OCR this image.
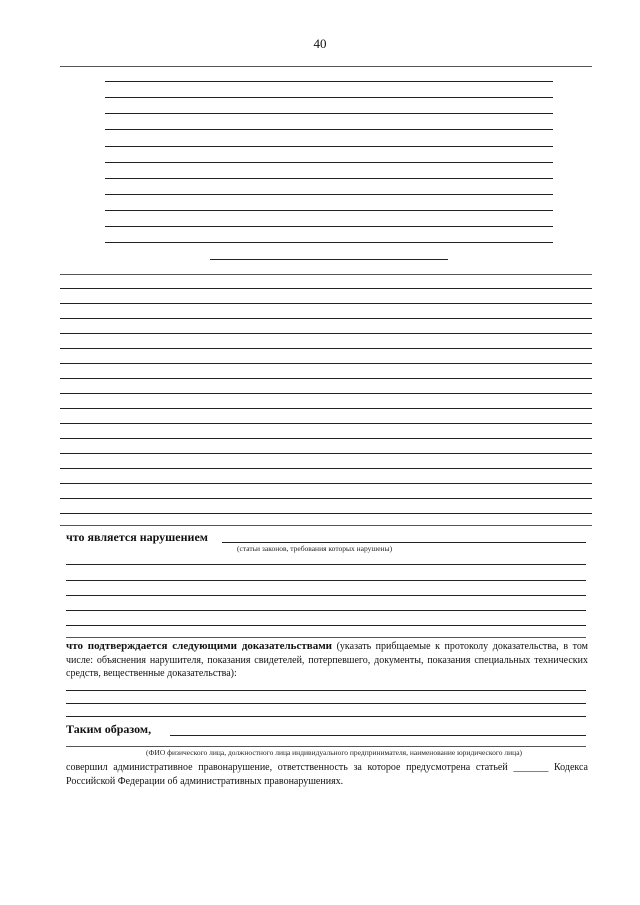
40
что является нарушением
(статьи законов, требования которых нарушены)
что подтверждается следующими доказательствами (указать прибщаемые к протоколу доказательства, в том числе: объяснения нарушителя, показания свидетелей, потерпевшего, документы, показания специальных технических средств, вещественные доказательства):
Таким образом,
(ФИО физического лица, должностного лица индивидуального предпринимателя, наименование юридического лица)
совершил административное правонарушение, ответственность за которое предусмотрена статьей _______ Кодекса Российской Федерации об административных правонарушениях.
